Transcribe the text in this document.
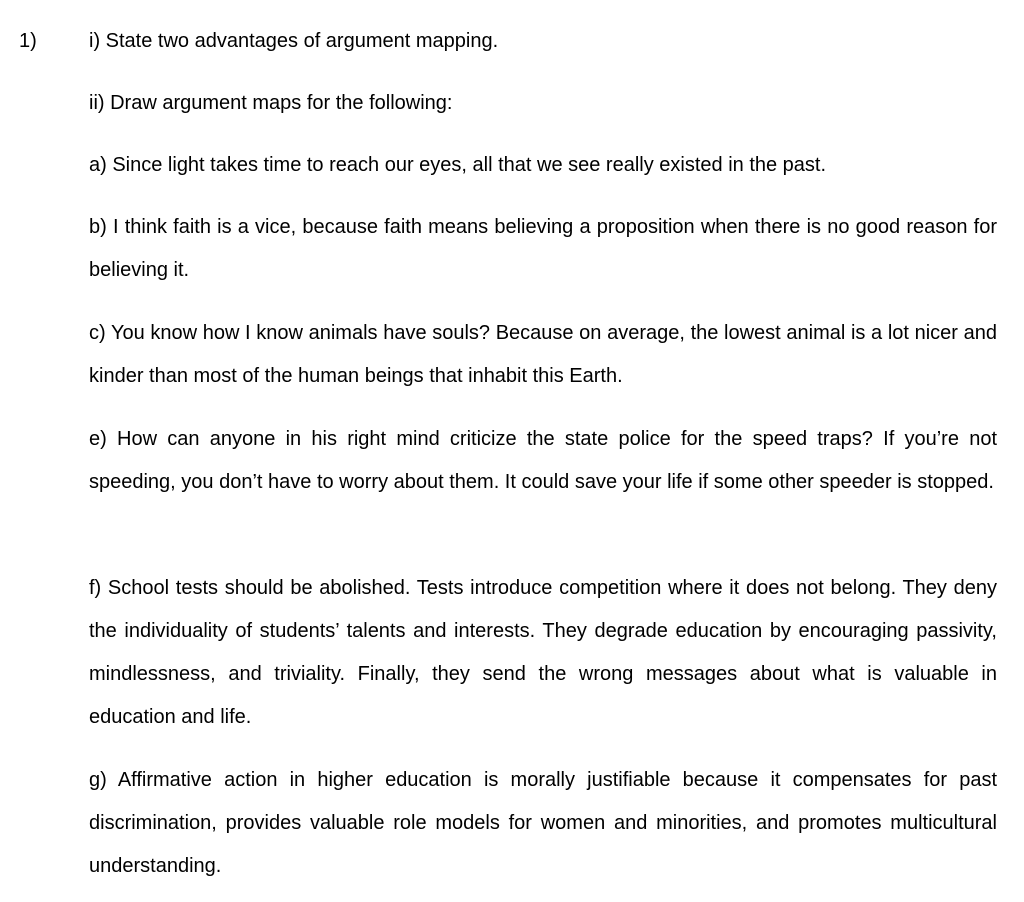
1)	i) State two advantages of argument mapping.
ii) Draw argument maps for the following:
a) Since light takes time to reach our eyes, all that we see really existed in the past.
b) I think faith is a vice, because faith means believing a proposition when there is no good reason for believing it.
c) You know how I know animals have souls? Because on average, the lowest animal is a lot nicer and kinder than most of the human beings that inhabit this Earth.
e) How can anyone in his right mind criticize the state police for the speed traps? If you’re not speeding, you don’t have to worry about them. It could save your life if some other speeder is stopped.
f) School tests should be abolished. Tests introduce competition where it does not belong. They deny the individuality of students’ talents and interests. They degrade education by encouraging passivity, mindlessness, and triviality. Finally, they send the wrong messages about what is valuable in education and life.
g) Affirmative action in higher education is morally justifiable because it compensates for past discrimination, provides valuable role models for women and minorities, and promotes multicultural understanding.
